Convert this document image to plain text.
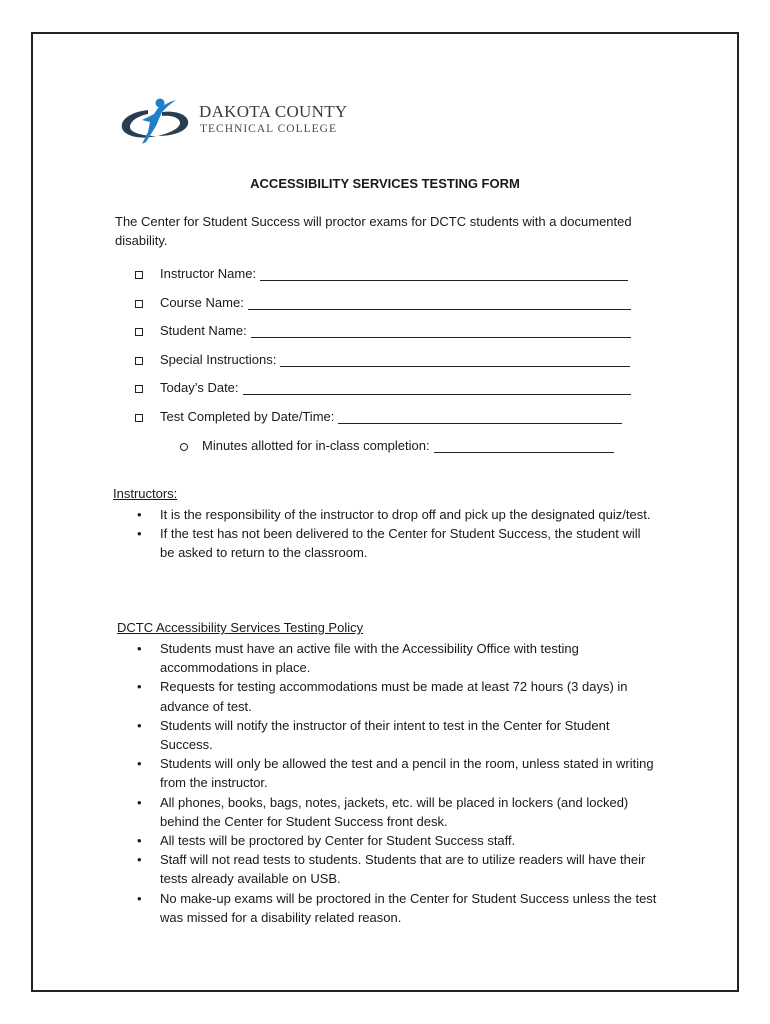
DAKOTA COUNTY
TECHNICAL COLLEGE
ACCESSIBILITY SERVICES TESTING FORM
The Center for Student Success will proctor exams for DCTC students with a documented disability.
Instructor Name:
Course Name:
Student Name:
Special Instructions:
Today’s Date:
Test Completed by Date/Time:
Minutes allotted for in-class completion:
Instructors:
• It is the responsibility of the instructor to drop off and pick up the designated quiz/test.
• If the test has not been delivered to the Center for Student Success, the student will be asked to return to the classroom.
DCTC Accessibility Services Testing Policy
• Students must have an active file with the Accessibility Office with testing accommodations in place.
• Requests for testing accommodations must be made at least 72 hours (3 days) in advance of test.
• Students will notify the instructor of their intent to test in the Center for Student Success.
• Students will only be allowed the test and a pencil in the room, unless stated in writing from the instructor.
• All phones, books, bags, notes, jackets, etc. will be placed in lockers (and locked) behind the Center for Student Success front desk.
• All tests will be proctored by Center for Student Success staff.
• Staff will not read tests to students. Students that are to utilize readers will have their tests already available on USB.
• No make-up exams will be proctored in the Center for Student Success unless the test was missed for a disability related reason.
